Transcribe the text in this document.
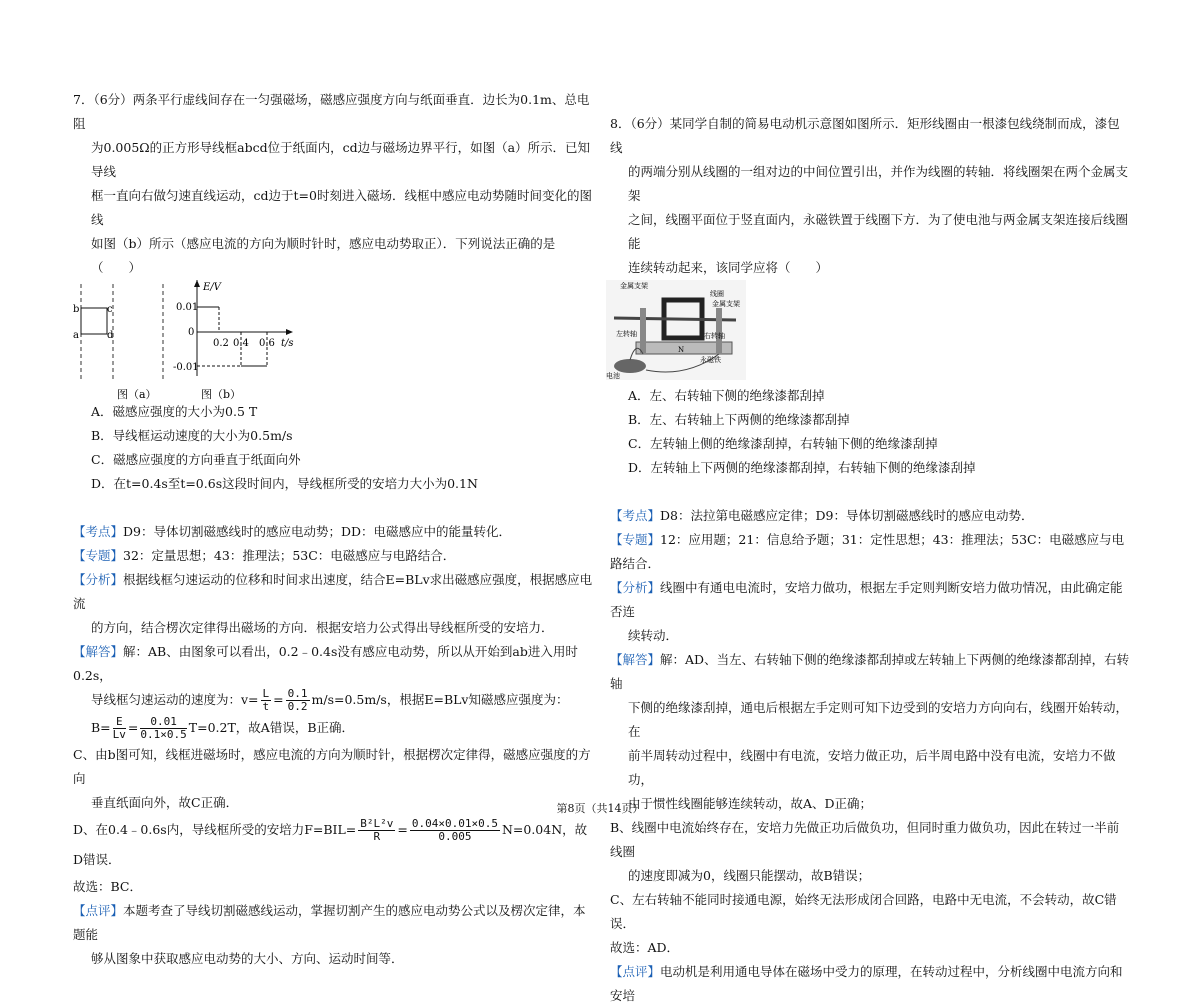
7．（6分）两条平行虚线间存在一匀强磁场，磁感应强度方向与纸面垂直．边长为0.1m、总电阻

为0.005Ω的正方形导线框abcd位于纸面内，cd边与磁场边界平行，如图（a）所示．已知导线

框一直向右做匀速直线运动，cd边于t=0时刻进入磁场．线框中感应电动势随时间变化的图线

如图（b）所示（感应电流的方向为顺时针时，感应电动势取正）．下列说法正确的是（　　）

b	c
a	d
图（a）
E/V
0.01
0
-0.01
0.2 0.4 0.6 t/s
图（b）

A．磁感应强度的大小为0.5 T

B．导线框运动速度的大小为0.5m/s

C．磁感应强度的方向垂直于纸面向外

D．在t=0.4s至t=0.6s这段时间内，导线框所受的安培力大小为0.1N

【考点】D9：导体切割磁感线时的感应电动势；DD：电磁感应中的能量转化．

【专题】32：定量思想；43：推理法；53C：电磁感应与电路结合．

【分析】根据线框匀速运动的位移和时间求出速度，结合E=BLv求出磁感应强度，根据感应电流

的方向，结合楞次定律得出磁场的方向．根据安培力公式得出导线框所受的安培力．

【解答】解：AB、由图象可以看出，0.2﹣0.4s没有感应电动势，所以从开始到ab进入用时0.2s，

导线框匀速运动的速度为：$v= \frac{L}{t} = \frac{0.1}{0.2} m/s=0.5m/s$，根据E=BLv知磁感应强度为：

$B= \frac{E}{Lv} = \frac{0.01}{0.1\times 0.5} T=0.2T$，故A错误，B正确．

C、由b图可知，线框进磁场时，感应电流的方向为顺时针，根据楞次定律得，磁感应强度的方向

垂直纸面向外，故C正确．

D、在0.4﹣0.6s内，导线框所受的安培力$F=BIL= \frac{\text{B²L²v}}{R} = \frac{0.04\times 0.01\times 0.5}{0.005} N=0.04N$，故D错误．

故选：BC．

【点评】本题考查了导线切割磁感线运动，掌握切割产生的感应电动势公式以及楞次定律，本题能

够从图象中获取感应电动势的大小、方向、运动时间等．

8．（6分）某同学自制的简易电动机示意图如图所示．矩形线圈由一根漆包线绕制而成，漆包线

的两端分别从线圈的一组对边的中间位置引出，并作为线圈的转轴．将线圈架在两个金属支架

之间，线圈平面位于竖直面内，永磁铁置于线圈下方．为了使电池与两金属支架连接后线圈能

连续转动起来，该同学应将（　　）

金属支架
线圈
金属支架
左转轴	右转轴
N
永磁铁
电池

A．左、右转轴下侧的绝缘漆都刮掉

B．左、右转轴上下两侧的绝缘漆都刮掉

C．左转轴上侧的绝缘漆刮掉，右转轴下侧的绝缘漆刮掉

D．左转轴上下两侧的绝缘漆都刮掉，右转轴下侧的绝缘漆刮掉

【考点】D8：法拉第电磁感应定律；D9：导体切割磁感线时的感应电动势．

【专题】12：应用题；21：信息给予题；31：定性思想；43：推理法；53C：电磁感应与电路结合．

【分析】线圈中有通电电流时，安培力做功，根据左手定则判断安培力做功情况，由此确定能否连

续转动．

【解答】解：AD、当左、右转轴下侧的绝缘漆都刮掉或左转轴上下两侧的绝缘漆都刮掉，右转轴

下侧的绝缘漆刮掉，通电后根据左手定则可知下边受到的安培力方向向右，线圈开始转动，在

前半周转动过程中，线圈中有电流，安培力做正功，后半周电路中没有电流，安培力不做功，

由于惯性线圈能够连续转动，故A、D正确；

B、线圈中电流始终存在，安培力先做正功后做负功，但同时重力做负功，因此在转过一半前线圈

的速度即减为0，线圈只能摆动，故B错误；

C、左右转轴不能同时接通电源，始终无法形成闭合回路，电路中无电流，不会转动，故C错误．

故选：AD．

【点评】电动机是利用通电导体在磁场中受力的原理，在转动过程中，分析线圈中电流方向和安培

第8页（共14页）
